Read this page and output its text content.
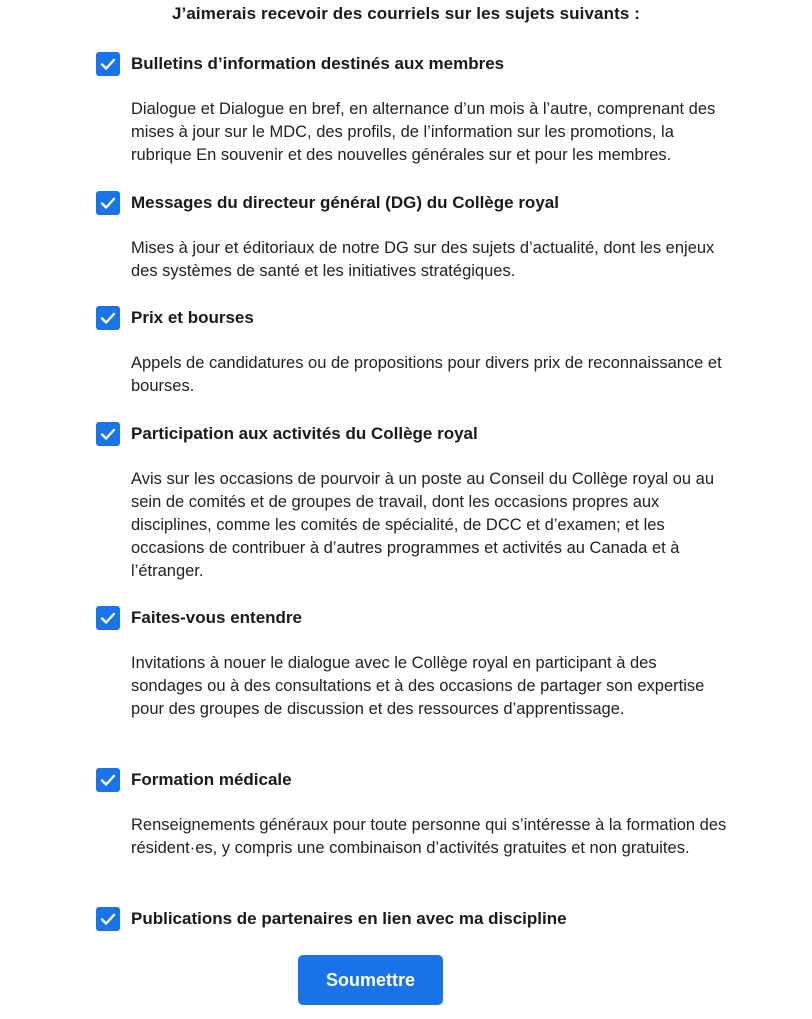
J’aimerais recevoir des courriels sur les sujets suivants :
Bulletins d’information destinés aux membres
Dialogue et Dialogue en bref, en alternance d’un mois à l’autre, comprenant des mises à jour sur le MDC, des profils, de l’information sur les promotions, la rubrique En souvenir et des nouvelles générales sur et pour les membres.
Messages du directeur général (DG) du Collège royal
Mises à jour et éditoriaux de notre DG sur des sujets d’actualité, dont les enjeux des systèmes de santé et les initiatives stratégiques.
Prix et bourses
Appels de candidatures ou de propositions pour divers prix de reconnaissance et bourses.
Participation aux activités du Collège royal
Avis sur les occasions de pourvoir à un poste au Conseil du Collège royal ou au sein de comités et de groupes de travail, dont les occasions propres aux disciplines, comme les comités de spécialité, de DCC et d’examen; et les occasions de contribuer à d’autres programmes et activités au Canada et à l’étranger.
Faites-vous entendre
Invitations à nouer le dialogue avec le Collège royal en participant à des sondages ou à des consultations et à des occasions de partager son expertise pour des groupes de discussion et des ressources d’apprentissage.
Formation médicale
Renseignements généraux pour toute personne qui s’intéresse à la formation des résident·es, y compris une combinaison d’activités gratuites et non gratuites.
Publications de partenaires en lien avec ma discipline
Soumettre
